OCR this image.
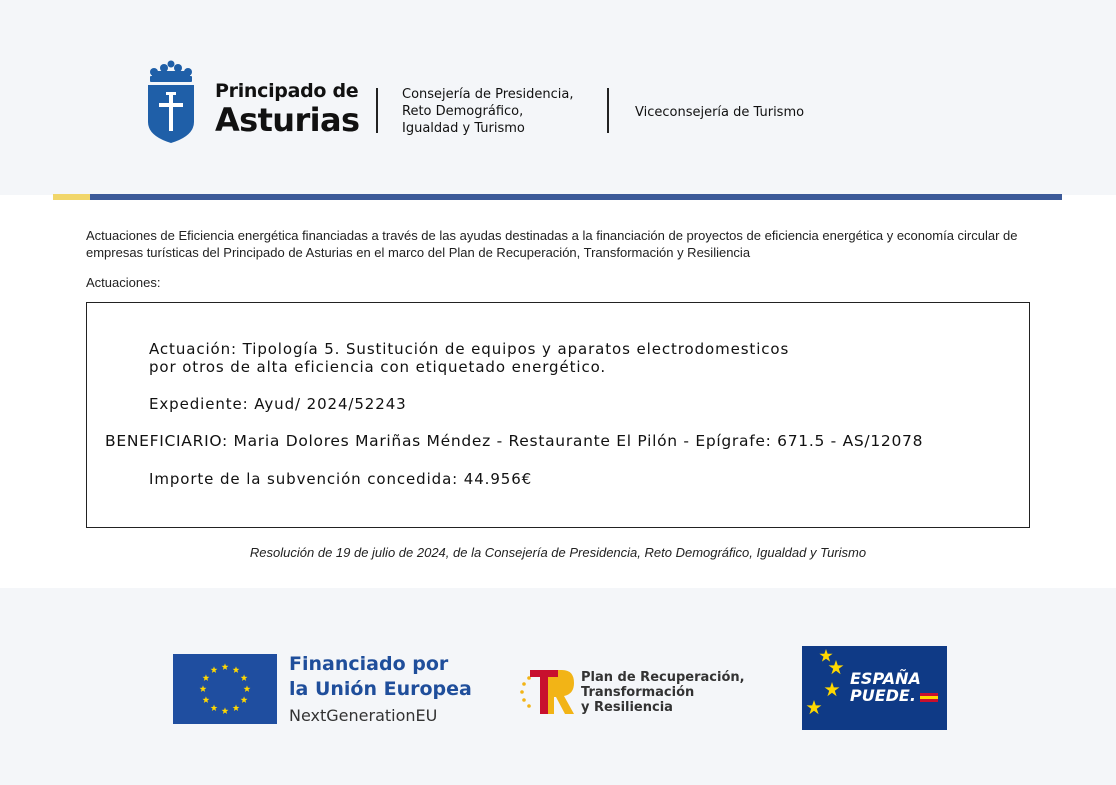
Principado de
Asturias
Consejería de Presidencia,
Reto Demográfico,
Igualdad y Turismo
Viceconsejería de Turismo
Actuaciones de Eficiencia energética financiadas a través de las ayudas destinadas a la financiación de proyectos de eficiencia energética y economía circular de empresas turísticas del Principado de Asturias en el marco del Plan de Recuperación, Transformación y Resiliencia
Actuaciones:
Actuación: Tipología 5. Sustitución de equipos y aparatos electrodomesticos
por otros de alta eficiencia con etiquetado energético.
Expediente: Ayud/ 2024/52243
BENEFICIARIO: Maria Dolores Mariñas Méndez - Restaurante El Pilón - Epígrafe: 671.5 - AS/12078
Importe de la subvención concedida: 44.956€
Resolución de 19 de julio de 2024, de la Consejería de Presidencia, Reto Demográfico, Igualdad y Turismo
Financiado por
la Unión Europea
NextGenerationEU
Plan de Recuperación,
Transformación
y Resiliencia
ESPAÑA
PUEDE.
